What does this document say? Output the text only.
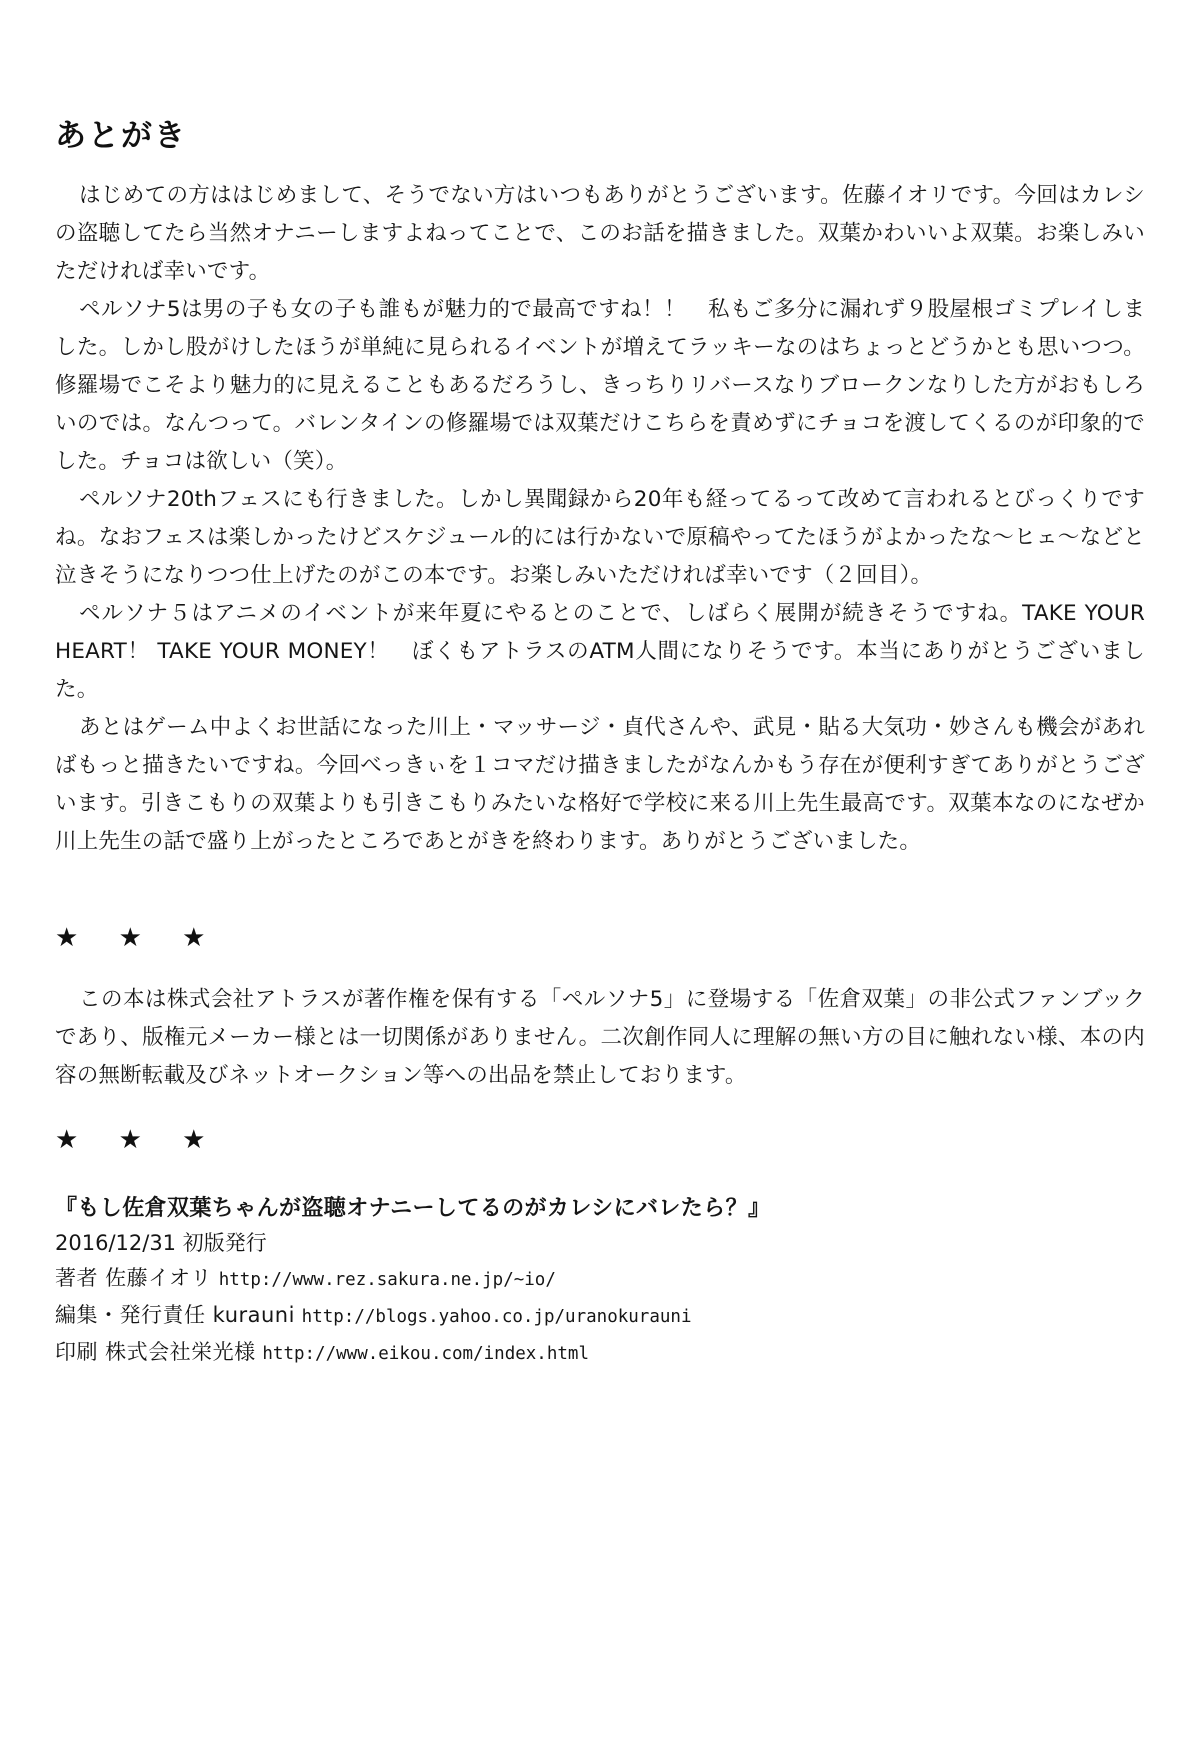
あとがき

はじめての方ははじめまして、そうでない方はいつもありがとうございます。佐藤イオリです。今回はカレシの盗聴してたら当然オナニーしますよねってことで、このお話を描きました。双葉かわいいよ双葉。お楽しみいただければ幸いです。

ペルソナ5は男の子も女の子も誰もが魅力的で最高ですね！！　私もご多分に漏れず９股屋根ゴミプレイしました。しかし股がけしたほうが単純に見られるイベントが増えてラッキーなのはちょっとどうかとも思いつつ。修羅場でこそより魅力的に見えることもあるだろうし、きっちりリバースなりブロークンなりした方がおもしろいのでは。なんつって。バレンタインの修羅場では双葉だけこちらを責めずにチョコを渡してくるのが印象的でした。チョコは欲しい（笑）。

ペルソナ20thフェスにも行きました。しかし異聞録から20年も経ってるって改めて言われるとびっくりですね。なおフェスは楽しかったけどスケジュール的には行かないで原稿やってたほうがよかったな〜ヒェ〜などと泣きそうになりつつ仕上げたのがこの本です。お楽しみいただければ幸いです（２回目）。

ペルソナ５はアニメのイベントが来年夏にやるとのことで、しばらく展開が続きそうですね。TAKE YOUR HEART！ TAKE YOUR MONEY！　ぼくもアトラスのATM人間になりそうです。本当にありがとうございました。

あとはゲーム中よくお世話になった川上・マッサージ・貞代さんや、武見・貼る大気功・妙さんも機会があればもっと描きたいですね。今回べっきぃを１コマだけ描きましたがなんかもう存在が便利すぎてありがとうございます。引きこもりの双葉よりも引きこもりみたいな格好で学校に来る川上先生最高です。双葉本なのになぜか川上先生の話で盛り上がったところであとがきを終わります。ありがとうございました。

★ ★ ★

この本は株式会社アトラスが著作権を保有する「ペルソナ5」に登場する「佐倉双葉」の非公式ファンブックであり、版権元メーカー様とは一切関係がありません。二次創作同人に理解の無い方の目に触れない様、本の内容の無断転載及びネットオークション等への出品を禁止しております。

★ ★ ★

『もし佐倉双葉ちゃんが盗聴オナニーしてるのがカレシにバレたら？』
2016/12/31 初版発行
著者 佐藤イオリ http://www.rez.sakura.ne.jp/~io/
編集・発行責任 kurauni http://blogs.yahoo.co.jp/uranokurauni
印刷 株式会社栄光様 http://www.eikou.com/index.html
